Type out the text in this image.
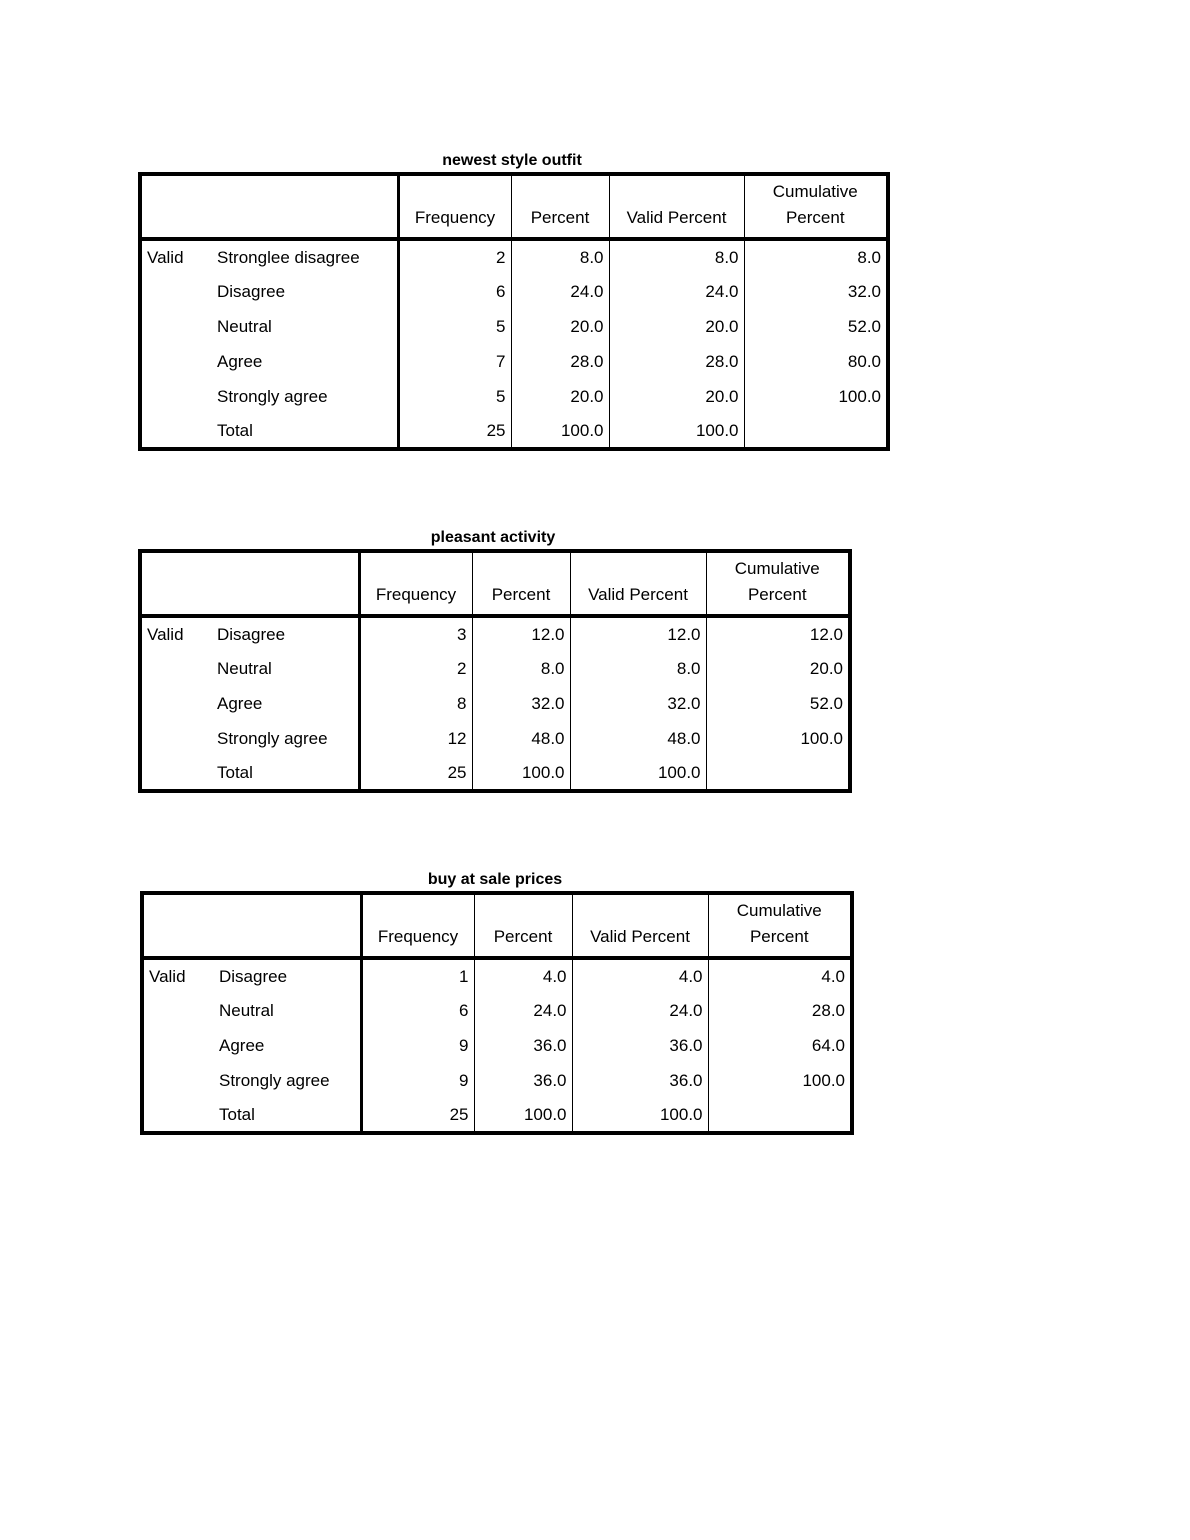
newest style outfit
					Cumulative
		Frequency	Percent	Valid Percent	Percent
Valid	Stronglee disagree	2	8.0	8.0	8.0
	Disagree	6	24.0	24.0	32.0
	Neutral	5	20.0	20.0	52.0
	Agree	7	28.0	28.0	80.0
	Strongly agree	5	20.0	20.0	100.0
	Total	25	100.0	100.0	
pleasant activity
					Cumulative
		Frequency	Percent	Valid Percent	Percent
Valid	Disagree	3	12.0	12.0	12.0
	Neutral	2	8.0	8.0	20.0
	Agree	8	32.0	32.0	52.0
	Strongly agree	12	48.0	48.0	100.0
	Total	25	100.0	100.0	
buy at sale prices
					Cumulative
		Frequency	Percent	Valid Percent	Percent
Valid	Disagree	1	4.0	4.0	4.0
	Neutral	6	24.0	24.0	28.0
	Agree	9	36.0	36.0	64.0
	Strongly agree	9	36.0	36.0	100.0
	Total	25	100.0	100.0	
